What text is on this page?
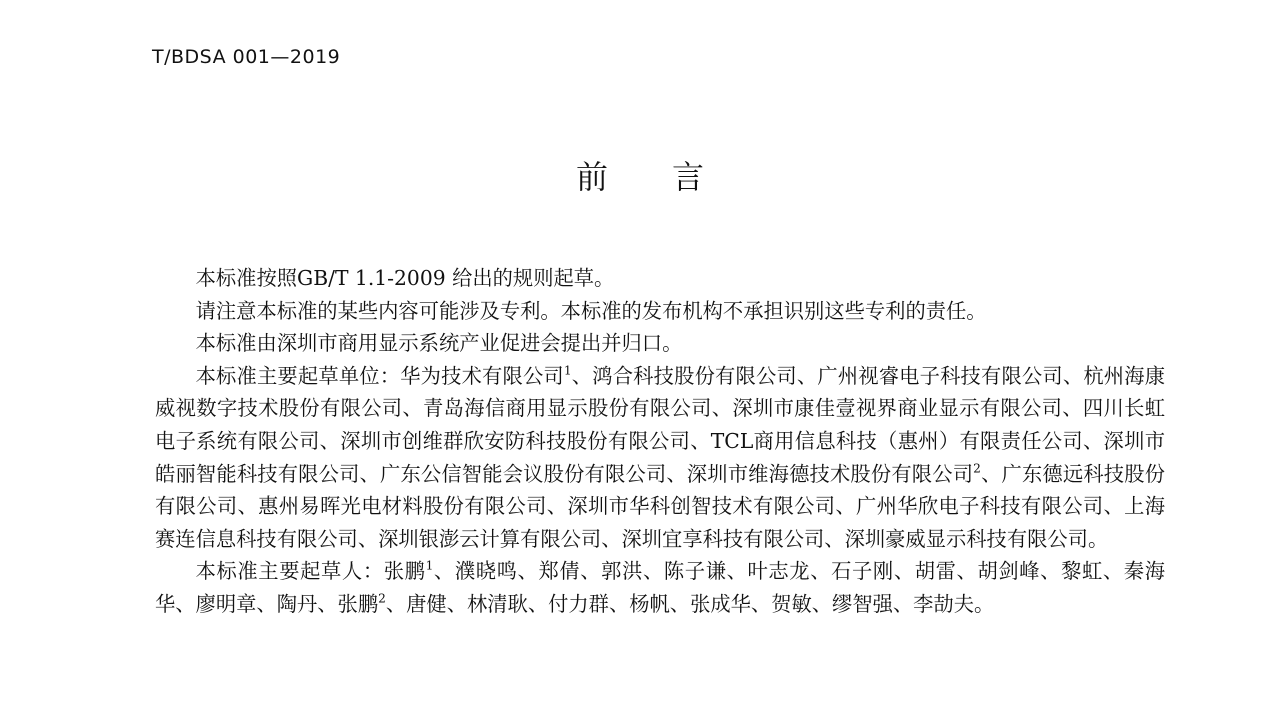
T/BDSA 001—2019
前 言

本标准按照GB/T 1.1-2009 给出的规则起草。

请注意本标准的某些内容可能涉及专利。本标准的发布机构不承担识别这些专利的责任。

本标准由深圳市商用显示系统产业促进会提出并归口。

本标准主要起草单位：华为技术有限公司$^1$、鸿合科技股份有限公司、广州视睿电子科技有限公司、杭州海康威视数字技术股份有限公司、青岛海信商用显示股份有限公司、深圳市康佳壹视界商业显示有限公司、四川长虹电子系统有限公司、深圳市创维群欣安防科技股份有限公司、TCL商用信息科技（惠州）有限责任公司、深圳市皓丽智能科技有限公司、广东公信智能会议股份有限公司、深圳市维海德技术股份有限公司$^2$、广东德远科技股份有限公司、惠州易晖光电材料股份有限公司、深圳市华科创智技术有限公司、广州华欣电子科技有限公司、上海赛连信息科技有限公司、深圳银澎云计算有限公司、深圳宜享科技有限公司、深圳豪威显示科技有限公司。

本标准主要起草人：张鹏$^1$、濮晓鸣、郑倩、郭洪、陈子谦、叶志龙、石子刚、胡雷、胡剑峰、黎虹、秦海华、廖明章、陶丹、张鹏$^2$、唐健、林清耿、付力群、杨帆、张成华、贺敏、缪智强、李劼夫。
